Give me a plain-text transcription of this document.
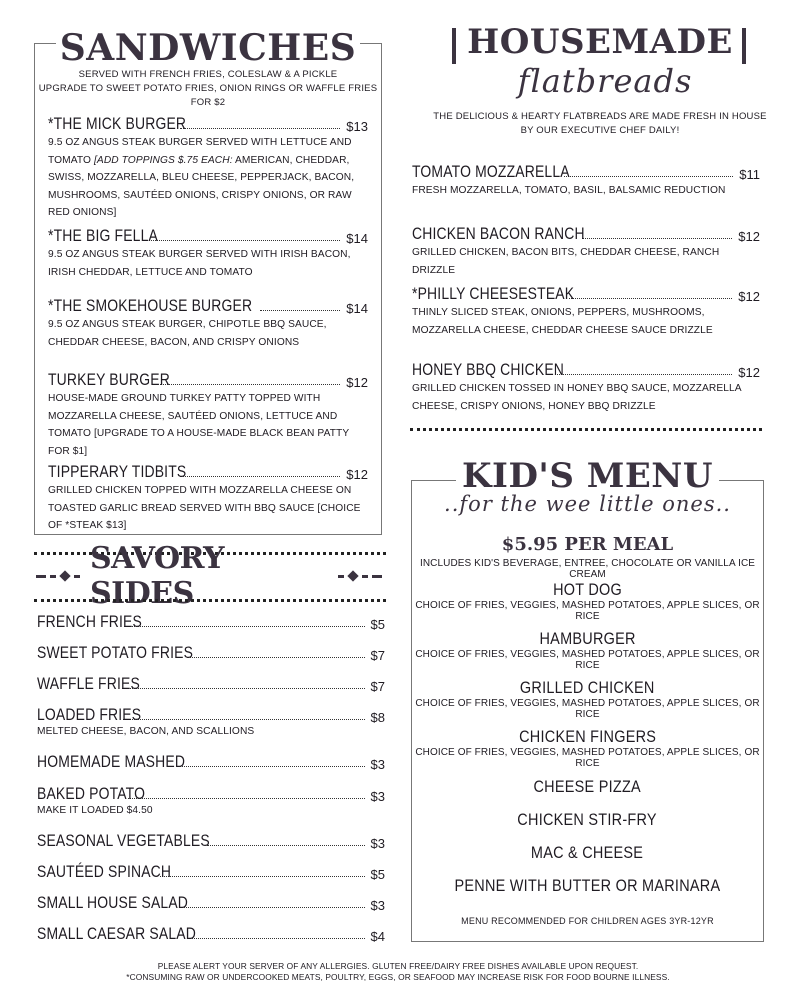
SANDWICHES
SERVED WITH FRENCH FRIES, COLESLAW & A PICKLE
UPGRADE TO SWEET POTATO FRIES, ONION RINGS OR WAFFLE FRIES FOR $2
*THE MICK BURGER	$13
9.5 OZ ANGUS STEAK BURGER SERVED WITH LETTUCE AND TOMATO [ADD TOPPINGS $.75 EACH: AMERICAN, CHEDDAR, SWISS, MOZZARELLA, BLEU CHEESE, PEPPERJACK, BACON, MUSHROOMS, SAUTÉED ONIONS, CRISPY ONIONS, OR RAW RED ONIONS]
*THE BIG FELLA	$14
9.5 OZ ANGUS STEAK BURGER SERVED WITH IRISH BACON, IRISH CHEDDAR, LETTUCE AND TOMATO
*THE SMOKEHOUSE BURGER	$14
9.5 OZ ANGUS STEAK BURGER, CHIPOTLE BBQ SAUCE, CHEDDAR CHEESE, BACON, AND CRISPY ONIONS
TURKEY BURGER	$12
HOUSE-MADE GROUND TURKEY PATTY TOPPED WITH MOZZARELLA CHEESE, SAUTÉED ONIONS, LETTUCE AND TOMATO [UPGRADE TO A HOUSE-MADE BLACK BEAN PATTY FOR $1]
TIPPERARY TIDBITS	$12
GRILLED CHICKEN TOPPED WITH MOZZARELLA CHEESE ON TOASTED GARLIC BREAD SERVED WITH BBQ SAUCE [CHOICE OF *STEAK $13]
SAVORY SIDES
FRENCH FRIES	$5
SWEET POTATO FRIES	$7
WAFFLE FRIES	$7
LOADED FRIES	$8
MELTED CHEESE, BACON, AND SCALLIONS
HOMEMADE MASHED	$3
BAKED POTATO	$3
MAKE IT LOADED $4.50
SEASONAL VEGETABLES	$3
SAUTÉED SPINACH	$5
SMALL HOUSE SALAD	$3
SMALL CAESAR SALAD	$4
HOUSEMADE
flatbreads
THE DELICIOUS & HEARTY FLATBREADS ARE MADE FRESH IN HOUSE
BY OUR EXECUTIVE CHEF DAILY!
TOMATO MOZZARELLA	$11
FRESH MOZZARELLA, TOMATO, BASIL, BALSAMIC REDUCTION
CHICKEN BACON RANCH	$12
GRILLED CHICKEN, BACON BITS, CHEDDAR CHEESE, RANCH DRIZZLE
*PHILLY CHEESESTEAK	$12
THINLY SLICED STEAK, ONIONS, PEPPERS, MUSHROOMS, MOZZARELLA CHEESE, CHEDDAR CHEESE SAUCE DRIZZLE
HONEY BBQ CHICKEN	$12
GRILLED CHICKEN TOSSED IN HONEY BBQ SAUCE, MOZZARELLA CHEESE, CRISPY ONIONS, HONEY BBQ DRIZZLE
KID'S MENU
..for the wee little ones..
$5.95 PER MEAL
INCLUDES KID'S BEVERAGE, ENTREE, CHOCOLATE OR VANILLA ICE CREAM
HOT DOG
CHOICE OF FRIES, VEGGIES, MASHED POTATOES, APPLE SLICES, OR RICE
HAMBURGER
CHOICE OF FRIES, VEGGIES, MASHED POTATOES, APPLE SLICES, OR RICE
GRILLED CHICKEN
CHOICE OF FRIES, VEGGIES, MASHED POTATOES, APPLE SLICES, OR RICE
CHICKEN FINGERS
CHOICE OF FRIES, VEGGIES, MASHED POTATOES, APPLE SLICES, OR RICE
CHEESE PIZZA
CHICKEN STIR-FRY
MAC & CHEESE
PENNE WITH BUTTER OR MARINARA
MENU RECOMMENDED FOR CHILDREN AGES 3YR-12YR
PLEASE ALERT YOUR SERVER OF ANY ALLERGIES. GLUTEN FREE/DAIRY FREE DISHES AVAILABLE UPON REQUEST.
*CONSUMING RAW OR UNDERCOOKED MEATS, POULTRY, EGGS, OR SEAFOOD MAY INCREASE RISK FOR FOOD BOURNE ILLNESS.
